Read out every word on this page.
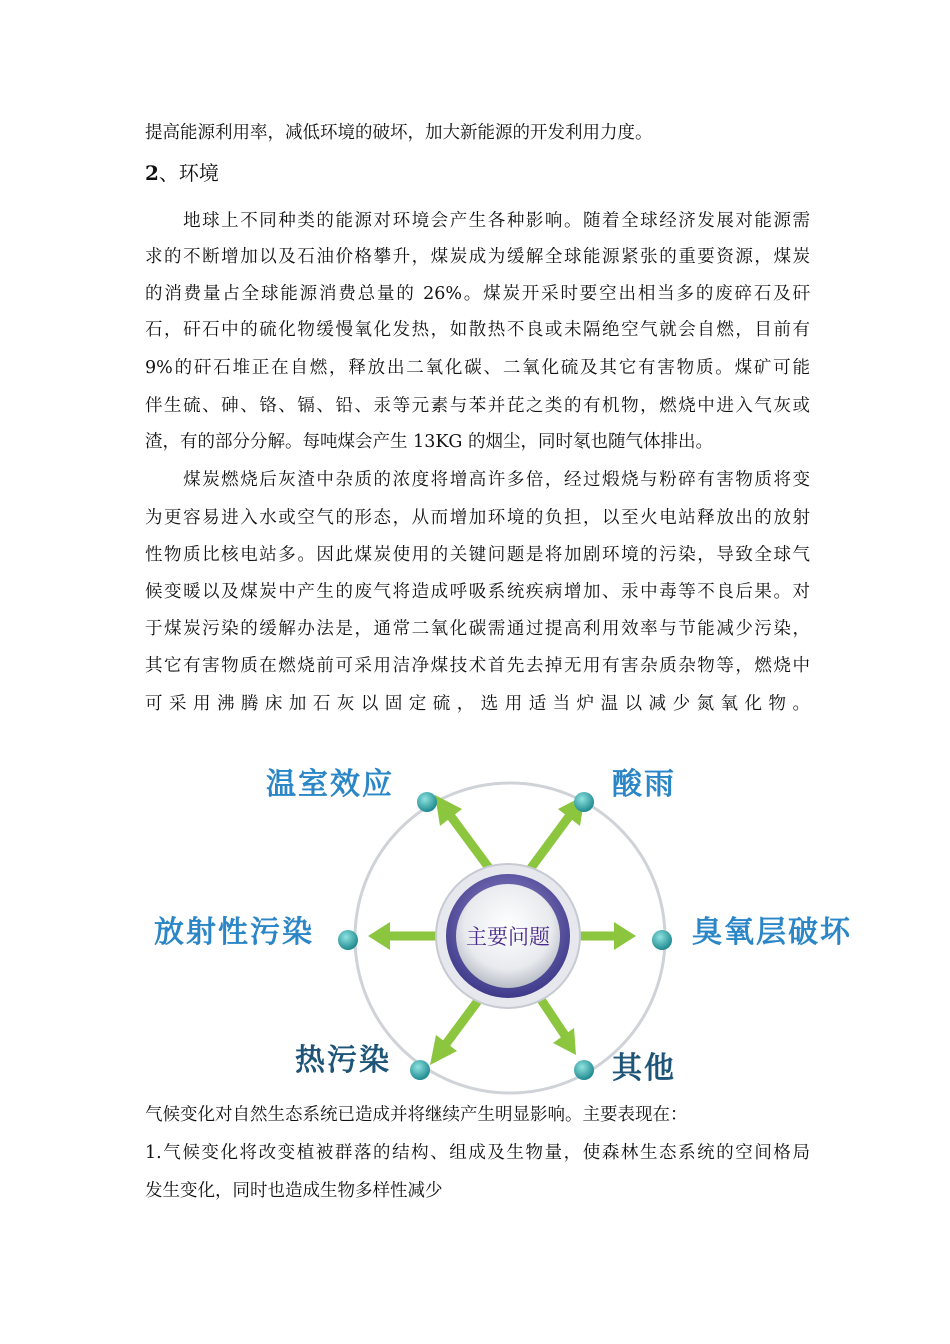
提高能源利用率，减低环境的破坏，加大新能源的开发利用力度。
2、环境
　　地球上不同种类的能源对环境会产生各种影响。随着全球经济发展对能源需
求的不断增加以及石油价格攀升，煤炭成为缓解全球能源紧张的重要资源，煤炭
的消费量占全球能源消费总量的 26%。煤炭开采时要空出相当多的废碎石及矸
石，矸石中的硫化物缓慢氧化发热，如散热不良或未隔绝空气就会自燃，目前有
9%的矸石堆正在自燃，释放出二氧化碳、二氧化硫及其它有害物质。煤矿可能
伴生硫、砷、铬、镉、铅、汞等元素与苯并芘之类的有机物，燃烧中进入气灰或
渣，有的部分分解。每吨煤会产生 13KG 的烟尘，同时氡也随气体排出。
　　煤炭燃烧后灰渣中杂质的浓度将增高许多倍，经过煅烧与粉碎有害物质将变
为更容易进入水或空气的形态，从而增加环境的负担，以至火电站释放出的放射
性物质比核电站多。因此煤炭使用的关键问题是将加剧环境的污染，导致全球气
候变暖以及煤炭中产生的废气将造成呼吸系统疾病增加、汞中毒等不良后果。对
于煤炭污染的缓解办法是，通常二氧化碳需通过提高利用效率与节能减少污染，
其它有害物质在燃烧前可采用洁净煤技术首先去掉无用有害杂质杂物等，燃烧中
可采用沸腾床加石灰以固定硫，选用适当炉温以减少氮氧化物。
主要问题
温室效应	酸雨
放射性污染	臭氧层破坏
热污染	其他
气候变化对自然生态系统已造成并将继续产生明显影响。主要表现在：
1.气候变化将改变植被群落的结构、组成及生物量，使森林生态系统的空间格局
发生变化，同时也造成生物多样性减少
